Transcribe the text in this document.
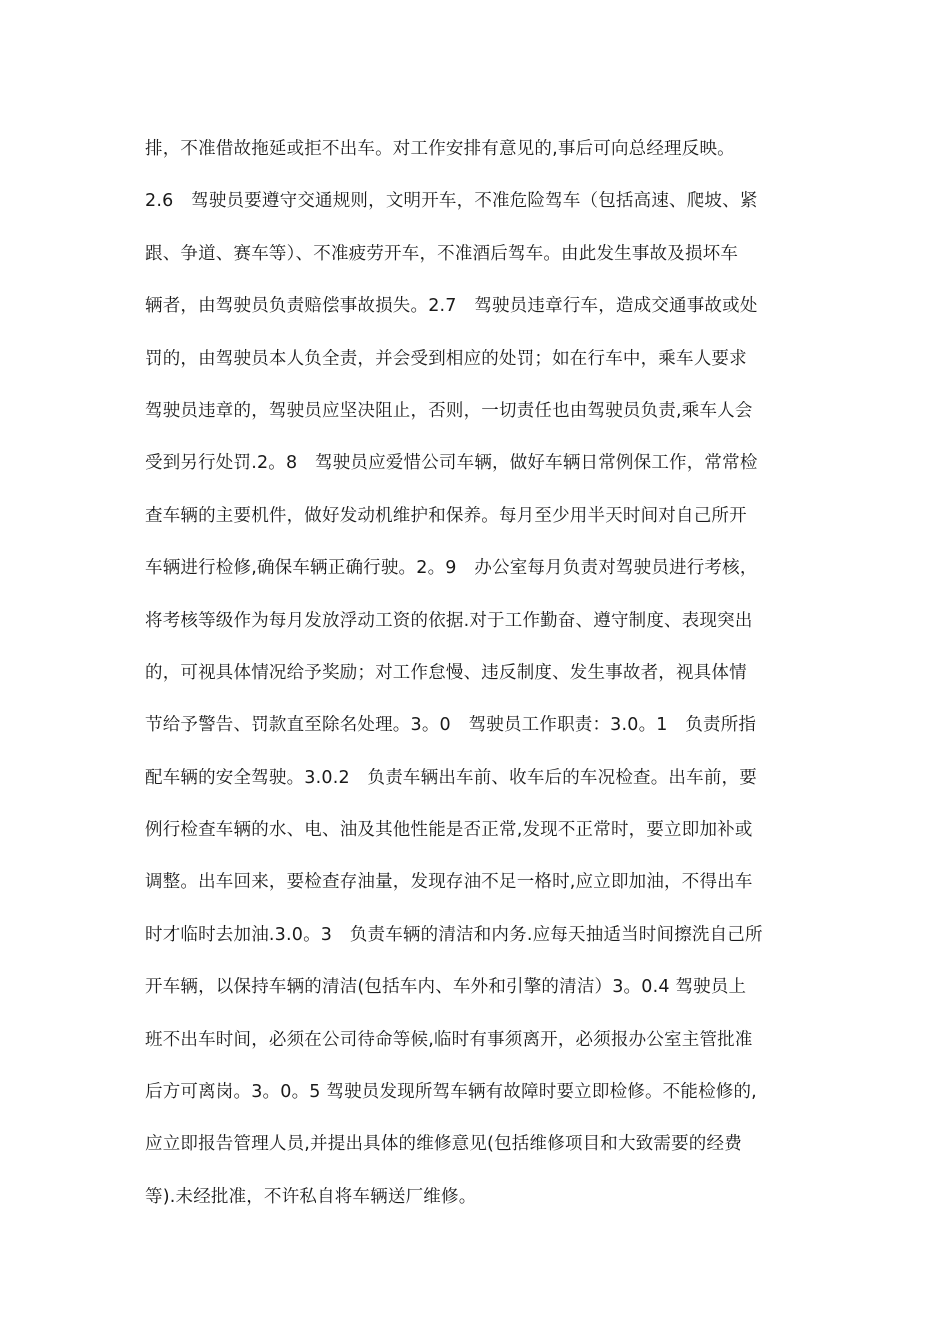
排，不准借故拖延或拒不出车。对工作安排有意见的,事后可向总经理反映。
2.6　驾驶员要遵守交通规则，文明开车，不准危险驾车（包括高速、爬坡、紧
跟、争道、赛车等）、不准疲劳开车，不准酒后驾车。由此发生事故及损坏车
辆者，由驾驶员负责赔偿事故损失。2.7　驾驶员违章行车，造成交通事故或处
罚的，由驾驶员本人负全责，并会受到相应的处罚；如在行车中，乘车人要求
驾驶员违章的，驾驶员应坚决阻止，否则，一切责任也由驾驶员负责,乘车人会
受到另行处罚.2。8　驾驶员应爱惜公司车辆，做好车辆日常例保工作，常常检
查车辆的主要机件，做好发动机维护和保养。每月至少用半天时间对自己所开
车辆进行检修,确保车辆正确行驶。2。9　办公室每月负责对驾驶员进行考核，
将考核等级作为每月发放浮动工资的依据.对于工作勤奋、遵守制度、表现突出
的，可视具体情况给予奖励；对工作怠慢、违反制度、发生事故者，视具体情
节给予警告、罚款直至除名处理。3。0　驾驶员工作职责：3.0。1　负责所指
配车辆的安全驾驶。3.0.2　负责车辆出车前、收车后的车况检查。出车前，要
例行检查车辆的水、电、油及其他性能是否正常,发现不正常时，要立即加补或
调整。出车回来，要检查存油量，发现存油不足一格时,应立即加油，不得出车
时才临时去加油.3.0。3　负责车辆的清洁和内务.应每天抽适当时间擦洗自己所
开车辆，以保持车辆的清洁(包括车内、车外和引擎的清洁）3。0.4 驾驶员上
班不出车时间，必须在公司待命等候,临时有事须离开，必须报办公室主管批准
后方可离岗。3。0。5 驾驶员发现所驾车辆有故障时要立即检修。不能检修的,
应立即报告管理人员,并提出具体的维修意见(包括维修项目和大致需要的经费
等).未经批准，不许私自将车辆送厂维修。
